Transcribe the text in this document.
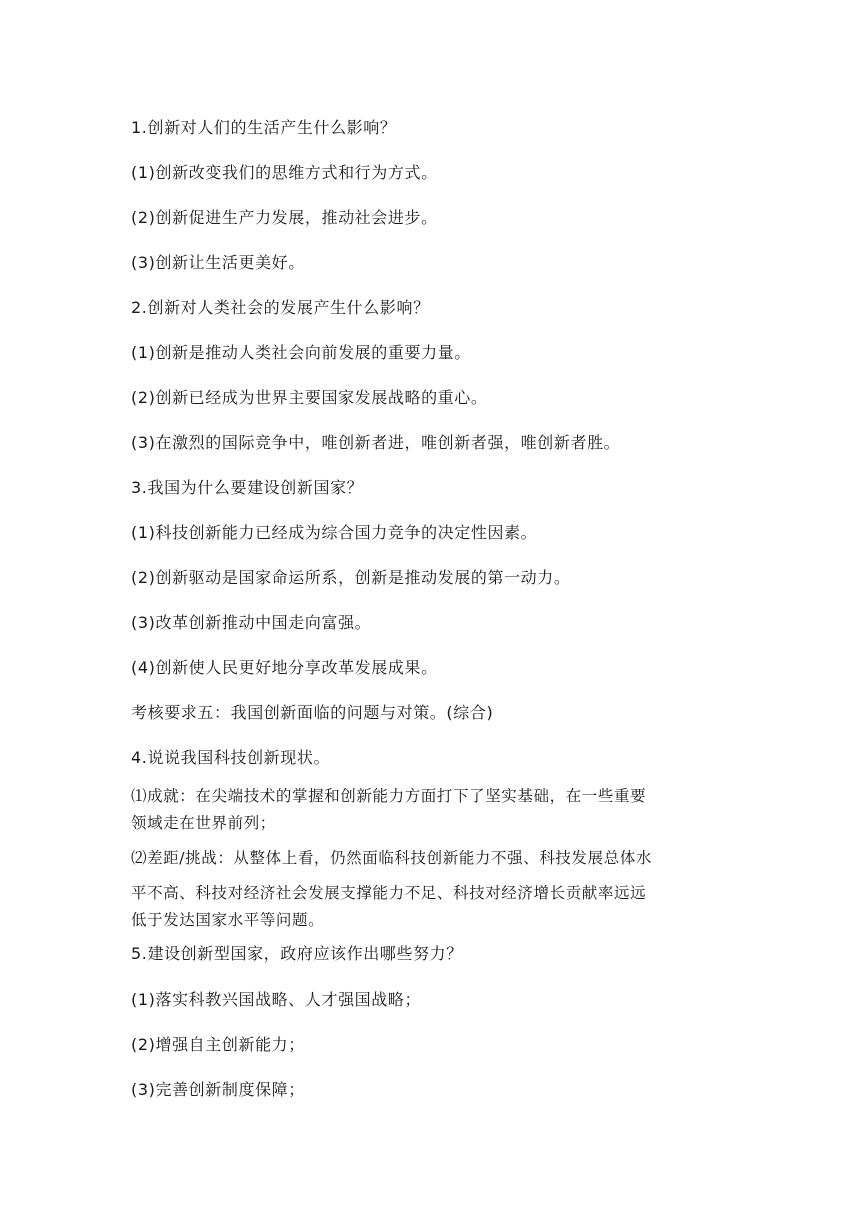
1.创新对人们的生活产生什么影响？

(1)创新改变我们的思维方式和行为方式。

(2)创新促进生产力发展，推动社会进步。

(3)创新让生活更美好。

2.创新对人类社会的发展产生什么影响？

(1)创新是推动人类社会向前发展的重要力量。

(2)创新已经成为世界主要国家发展战略的重心。

(3)在激烈的国际竞争中，唯创新者进，唯创新者强，唯创新者胜。

3.我国为什么要建设创新国家？

(1)科技创新能力已经成为综合国力竞争的决定性因素。

(2)创新驱动是国家命运所系，创新是推动发展的第一动力。

(3)改革创新推动中国走向富强。

(4)创新使人民更好地分享改革发展成果。

考核要求五：我国创新面临的问题与对策。(综合)

4.说说我国科技创新现状。

⑴成就：在尖端技术的掌握和创新能力方面打下了坚实基础，在一些重要

领域走在世界前列；

⑵差距/挑战：从整体上看，仍然面临科技创新能力不强、科技发展总体水

平不高、科技对经济社会发展支撑能力不足、科技对经济增长贡献率远远

低于发达国家水平等问题。

5.建设创新型国家，政府应该作出哪些努力？

(1)落实科教兴国战略、人才强国战略；

(2)增强自主创新能力；

(3)完善创新制度保障；
